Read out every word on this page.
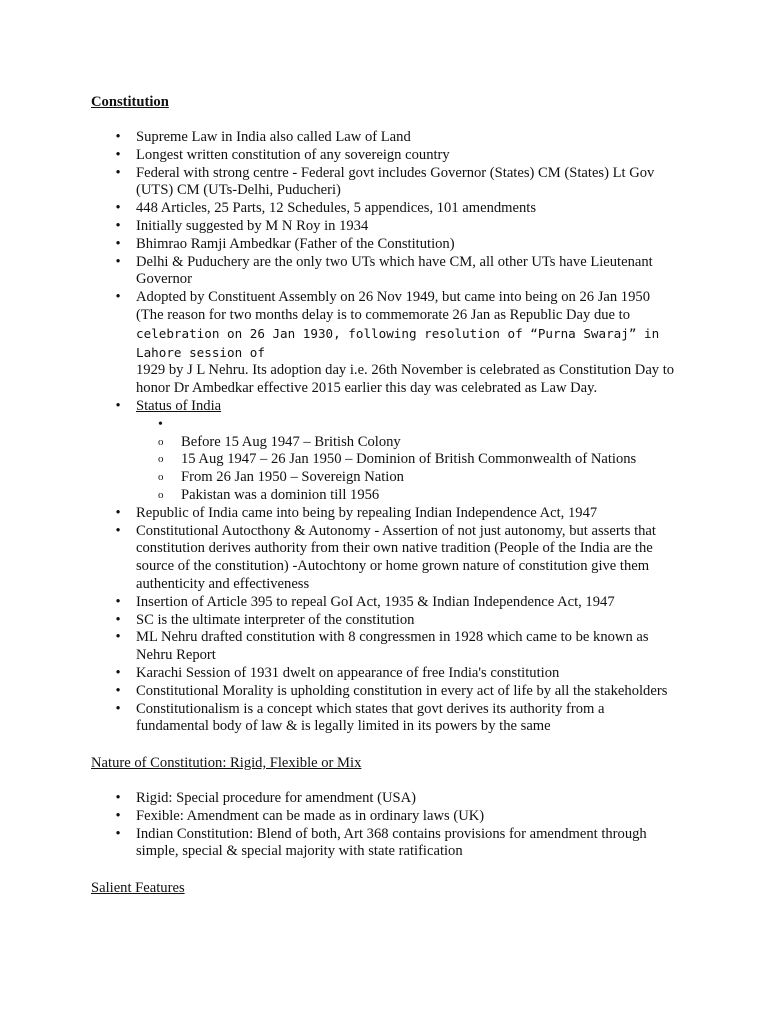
Constitution
• Supreme Law in India also called Law of Land
• Longest written constitution of any sovereign country
• Federal with strong centre - Federal govt includes Governor (States) CM (States) Lt Gov (UTS) CM (UTs-Delhi, Puducheri)
• 448 Articles, 25 Parts, 12 Schedules, 5 appendices, 101 amendments
• Initially suggested by M N Roy in 1934
• Bhimrao Ramji Ambedkar (Father of the Constitution)
• Delhi & Puduchery are the only two UTs which have CM, all other UTs have Lieutenant Governor
• Adopted by Constituent Assembly on 26 Nov 1949, but came into being on 26 Jan 1950
(The reason for two months delay is to commemorate 26 Jan as Republic Day due to
celebration on 26 Jan 1930, following resolution of “Purna Swaraj” in Lahore session of
1929 by J L Nehru. Its adoption day i.e. 26th November is celebrated as Constitution Day to honor Dr Ambedkar effective 2015 earlier this day was celebrated as Law Day.
• Status of India
•

o Before 15 Aug 1947 – British Colony
o 15 Aug 1947 – 26 Jan 1950 – Dominion of British Commonwealth of Nations
o From 26 Jan 1950 – Sovereign Nation
o Pakistan was a dominion till 1956
• Republic of India came into being by repealing Indian Independence Act, 1947
• Constitutional Autocthony & Autonomy - Assertion of not just autonomy, but asserts that constitution derives authority from their own native tradition (People of the India are the source of the constitution) -Autochtony or home grown nature of constitution give them authenticity and effectiveness
• Insertion of Article 395 to repeal GoI Act, 1935 & Indian Independence Act, 1947
• SC is the ultimate interpreter of the constitution
• ML Nehru drafted constitution with 8 congressmen in 1928 which came to be known as Nehru Report
• Karachi Session of 1931 dwelt on appearance of free India's constitution
• Constitutional Morality is upholding constitution in every act of life by all the stakeholders
• Constitutionalism is a concept which states that govt derives its authority from a fundamental body of law & is legally limited in its powers by the same
Nature of Constitution: Rigid, Flexible or Mix
• Rigid: Special procedure for amendment (USA)
• Fexible: Amendment can be made as in ordinary laws (UK)
• Indian Constitution: Blend of both, Art 368 contains provisions for amendment through simple, special & special majority with state ratification
Salient Features
